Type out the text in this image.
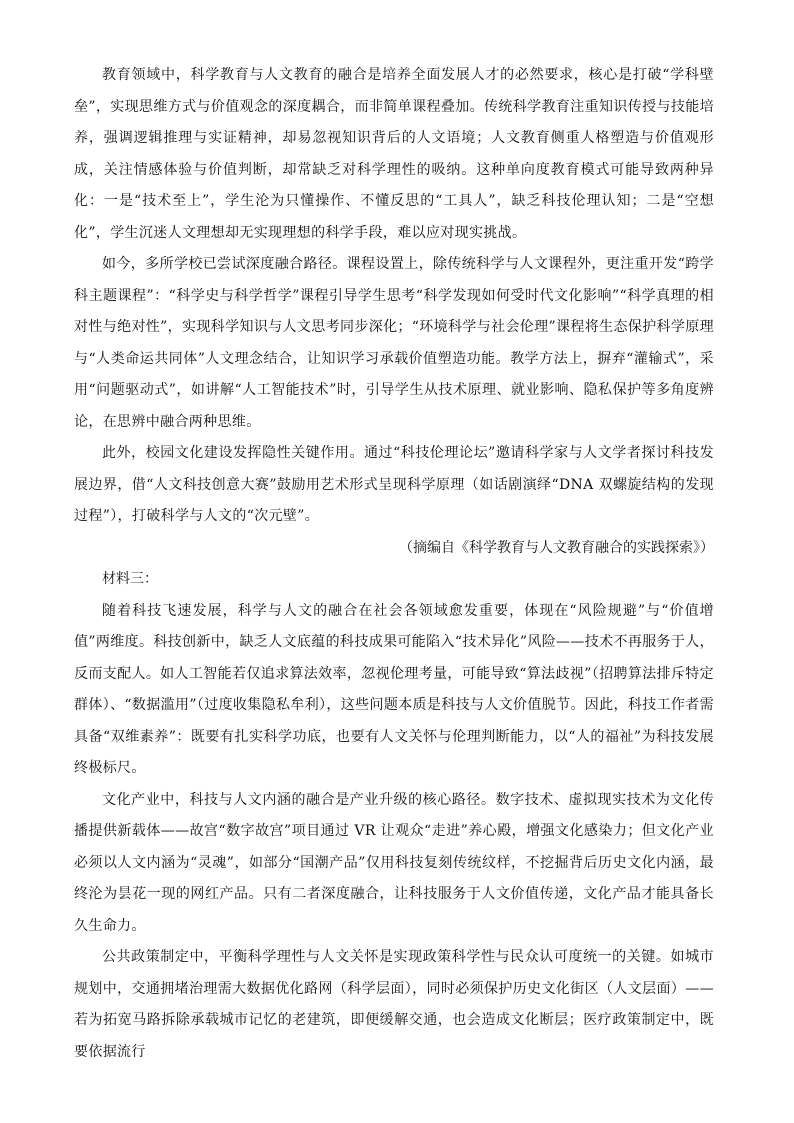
教育领域中，科学教育与人文教育的融合是培养全面发展人才的必然要求，核心是打破“学科壁垒”，实现思维方式与价值观念的深度耦合，而非简单课程叠加。传统科学教育注重知识传授与技能培养，强调逻辑推理与实证精神，却易忽视知识背后的人文语境；人文教育侧重人格塑造与价值观形成，关注情感体验与价值判断，却常缺乏对科学理性的吸纳。这种单向度教育模式可能导致两种异化：一是“技术至上”，学生沦为只懂操作、不懂反思的“工具人”，缺乏科技伦理认知；二是“空想化”，学生沉迷人文理想却无实现理想的科学手段，难以应对现实挑战。

如今，多所学校已尝试深度融合路径。课程设置上，除传统科学与人文课程外，更注重开发“跨学科主题课程”：“科学史与科学哲学”课程引导学生思考“科学发现如何受时代文化影响”“科学真理的相对性与绝对性”，实现科学知识与人文思考同步深化；“环境科学与社会伦理”课程将生态保护科学原理与“人类命运共同体”人文理念结合，让知识学习承载价值塑造功能。教学方法上，摒弃“灌输式”，采用“问题驱动式”，如讲解“人工智能技术”时，引导学生从技术原理、就业影响、隐私保护等多角度辨论，在思辨中融合两种思维。

此外，校园文化建设发挥隐性关键作用。通过“科技伦理论坛”邀请科学家与人文学者探讨科技发展边界，借“人文科技创意大赛”鼓励用艺术形式呈现科学原理（如话剧演绎“DNA 双螺旋结构的发现过程”），打破科学与人文的“次元壁”。

（摘编自《科学教育与人文教育融合的实践探索》）

材料三：

随着科技飞速发展，科学与人文的融合在社会各领域愈发重要，体现在“风险规避”与“价值增值”两维度。科技创新中，缺乏人文底蕴的科技成果可能陷入“技术异化”风险——技术不再服务于人，反而支配人。如人工智能若仅追求算法效率，忽视伦理考量，可能导致“算法歧视”（招聘算法排斥特定群体）、“数据滥用”（过度收集隐私牟利），这些问题本质是科技与人文价值脱节。因此，科技工作者需具备“双维素养”：既要有扎实科学功底，也要有人文关怀与伦理判断能力，以“人的福祉”为科技发展终极标尺。

文化产业中，科技与人文内涵的融合是产业升级的核心路径。数字技术、虚拟现实技术为文化传播提供新载体——故宫“数字故宫”项目通过 VR 让观众“走进”养心殿，增强文化感染力；但文化产业必须以人文内涵为“灵魂”，如部分“国潮产品”仅用科技复刻传统纹样，不挖掘背后历史文化内涵，最终沦为昙花一现的网红产品。只有二者深度融合，让科技服务于人文价值传递，文化产品才能具备长久生命力。

公共政策制定中，平衡科学理性与人文关怀是实现政策科学性与民众认可度统一的关键。如城市规划中，交通拥堵治理需大数据优化路网（科学层面），同时必须保护历史文化街区（人文层面）——若为拓宽马路拆除承载城市记忆的老建筑，即便缓解交通，也会造成文化断层；医疗政策制定中，既要依据流行
